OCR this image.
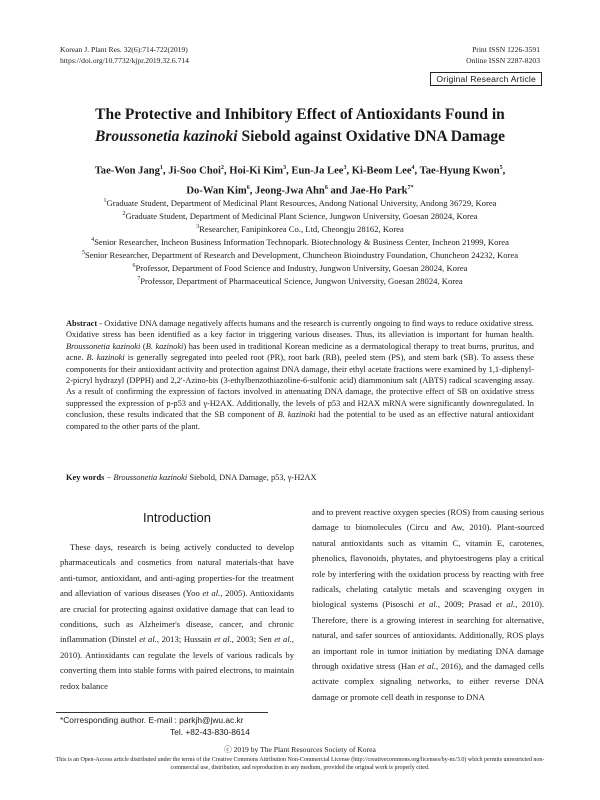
Korean J. Plant Res. 32(6):714-722(2019)
https://doi.org/10.7732/kjpr.2019.32.6.714
Print ISSN 1226-3591
Online ISSN 2287-8203
Original Research Article
The Protective and Inhibitory Effect of Antioxidants Found in
Broussonetia kazinoki Siebold against Oxidative DNA Damage
Tae-Won Jang$^1$, Ji-Soo Choi$^2$, Hoi-Ki Kim$^3$, Eun-Ja Lee$^3$, Ki-Beom Lee$^4$, Tae-Hyung Kwon$^5$,
Do-Wan Kim$^6$, Jeong-Jwa Ahn$^6$ and Jae-Ho Park$^{7*}$
$^1$Graduate Student, Department of Medicinal Plant Resources, Andong National University, Andong 36729, Korea
$^2$Graduate Student, Department of Medicinal Plant Science, Jungwon University, Goesan 28024, Korea
$^3$Researcher, Fanipinkorea Co., Ltd, Cheongju 28162, Korea
$^4$Senior Researcher, Incheon Business Information Technopark. Biotechnology & Business Center, Incheon 21999, Korea
$^5$Senior Researcher, Department of Research and Development, Chuncheon Bioindustry Foundation, Chuncheon 24232, Korea
$^6$Professor, Department of Food Science and Industry, Jungwon University, Goesan 28024, Korea
$^7$Professor, Department of Pharmaceutical Science, Jungwon University, Goesan 28024, Korea
Abstract - Oxidative DNA damage negatively affects humans and the research is currently ongoing to find ways to reduce oxidative stress. Oxidative stress has been identified as a key factor in triggering various diseases. Thus, its alleviation is important for human health. Broussonetia kazinoki (B. kazinoki) has been used in traditional Korean medicine as a dermatological therapy to treat burns, pruritus, and acne. B. kazinoki is generally segregated into peeled root (PR), root bark (RB), peeled stem (PS), and stem bark (SB). To assess these components for their antioxidant activity and protection against DNA damage, their ethyl acetate fractions were examined by 1,1-diphenyl-2-picryl hydrazyl (DPPH) and 2,2'-Azino-bis (3-ethylbenzothiazoline-6-sulfonic acid) diammonium salt (ABTS) radical scavenging assay. As a result of confirming the expression of factors involved in attenuating DNA damage, the protective effect of SB on oxidative stress suppressed the expression of p-p53 and γ-H2AX. Additionally, the levels of p53 and H2AX mRNA were significantly downregulated. In conclusion, these results indicated that the SB component of B. kazinoki had the potential to be used as an effective natural antioxidant compared to the other parts of the plant.
Key words − Broussonetia kazinoki Siebold, DNA Damage, p53, γ-H2AX
Introduction
These days, research is being actively conducted to develop pharmaceuticals and cosmetics from natural materials-that have anti-tumor, antioxidant, and anti-aging properties-for the treatment and alleviation of various diseases (Yoo et al., 2005). Antioxidants are crucial for protecting against oxidative damage that can lead to conditions, such as Alzheimer's disease, cancer, and chronic inflammation (Dinstel et al., 2013; Hussain et al., 2003; Sen et al., 2010). Antioxidants can regulate the levels of various radicals by converting them into stable forms with paired electrons, to maintain redox balance
and to prevent reactive oxygen species (ROS) from causing serious damage to biomolecules (Circu and Aw, 2010). Plant-sourced natural antioxidants such as vitamin C, vitamin E, carotenes, phenolics, flavonoids, phytates, and phytoestrogens play a critical role by interfering with the oxidation process by reacting with free radicals, chelating catalytic metals and scavenging oxygen in biological systems (Pisoschi et al., 2009; Prasad et al., 2010). Therefore, there is a growing interest in searching for alternative, natural, and safer sources of antioxidants. Additionally, ROS plays an important role in tumor initiation by mediating DNA damage through oxidative stress (Han et al., 2016), and the damaged cells activate complex signaling networks, to either reverse DNA damage or promote cell death in response to DNA
*Corresponding author. E-mail : parkjh@jwu.ac.kr
Tel. +82-43-830-8614
ⓒ 2019 by The Plant Resources Society of Korea
This is an Open-Access article distributed under the terms of the Creative Commons Attribution Non-Commercial License (http://creativecommons.org/licenses/by-nc/3.0) which permits unrestricted non-commercial use, distribution, and reproduction in any medium, provided the original work is properly cited.
